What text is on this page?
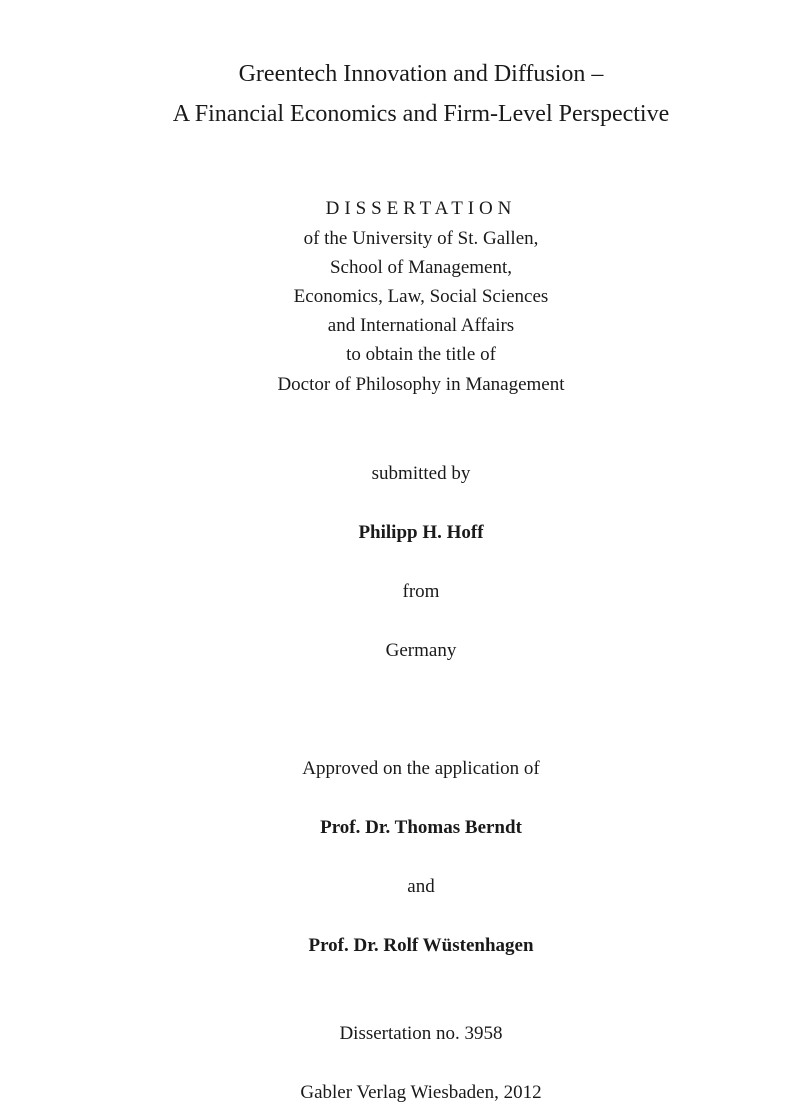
Greentech Innovation and Diffusion –
A Financial Economics and Firm-Level Perspective
DISSERTATION
of the University of St. Gallen,
School of Management,
Economics, Law, Social Sciences
and International Affairs
to obtain the title of
Doctor of Philosophy in Management
submitted by
Philipp H. Hoff
from
Germany
Approved on the application of
Prof. Dr. Thomas Berndt
and
Prof. Dr. Rolf Wüstenhagen
Dissertation no. 3958
Gabler Verlag Wiesbaden, 2012
